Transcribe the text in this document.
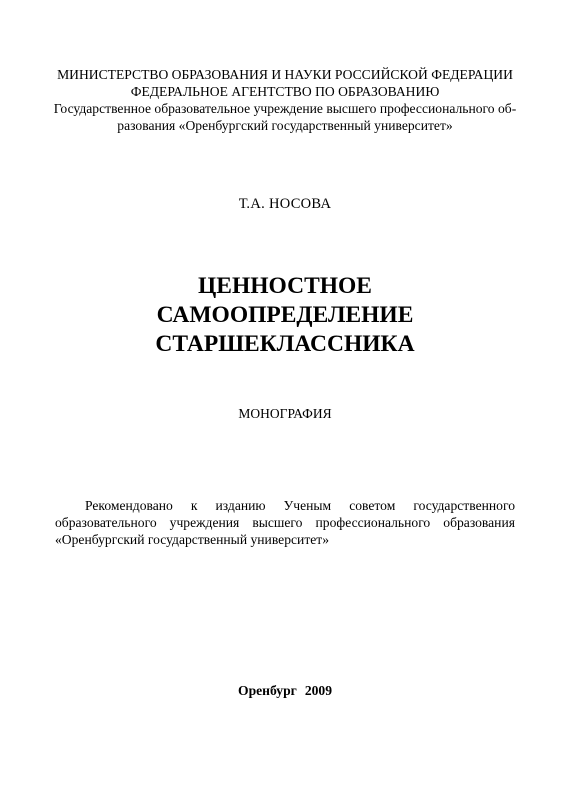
МИНИСТЕРСТВО ОБРАЗОВАНИЯ И НАУКИ РОССИЙСКОЙ ФЕДЕРАЦИИ
ФЕДЕРАЛЬНОЕ АГЕНТСТВО ПО ОБРАЗОВАНИЮ
Государственное образовательное учреждение высшего профессионального об-
разования «Оренбургский государственный университет»
Т.А. НОСОВА
ЦЕННОСТНОЕ
САМООПРЕДЕЛЕНИЕ
СТАРШЕКЛАССНИКА
МОНОГРАФИЯ
Рекомендовано к изданию Ученым советом государственного
образовательного учреждения высшего профессионального образования
«Оренбургский государственный университет»
Оренбург 2009
